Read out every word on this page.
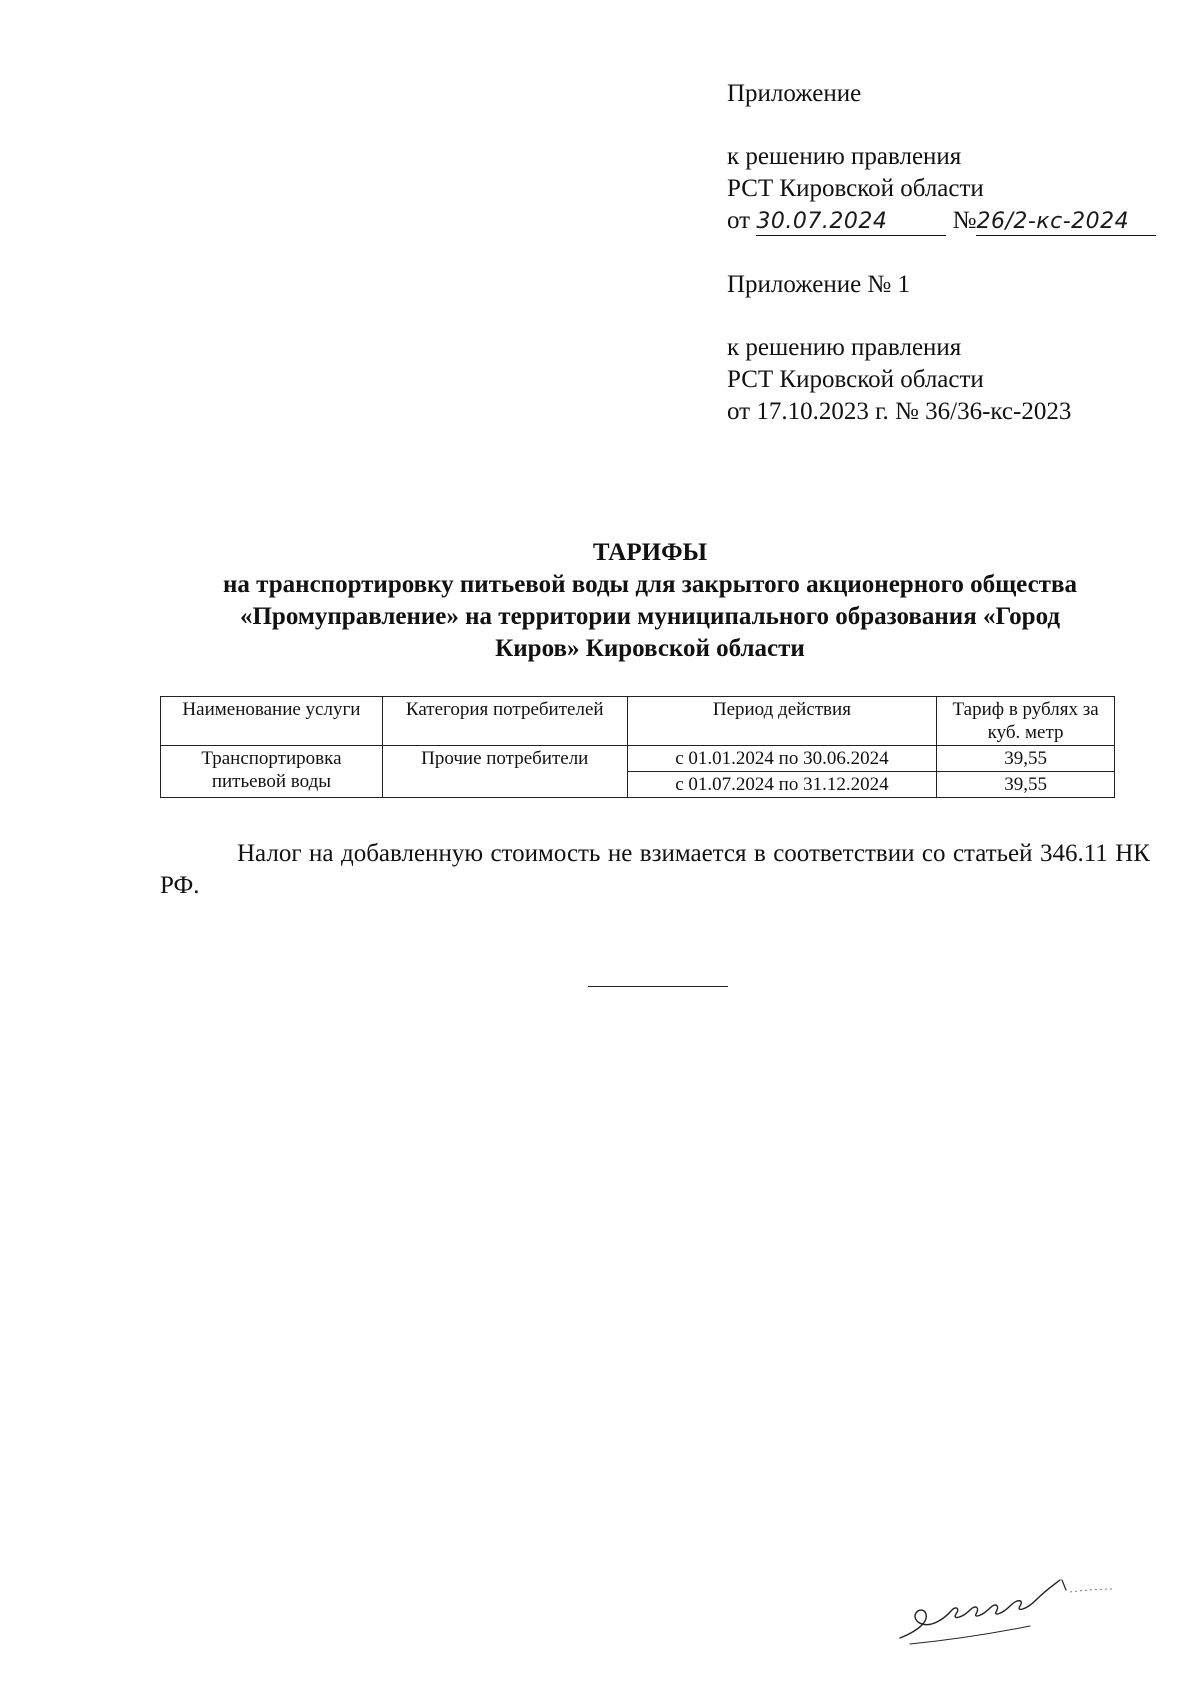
Приложение

к решению правления

РСТ Кировской области

от 30.07.2024	№26/2-кс-2024

Приложение № 1

к решению правления

РСТ Кировской области

от 17.10.2023 г. № 36/36-кс-2023

ТАРИФЫ

на транспортировку питьевой воды для закрытого акционерного общества

«Промуправление» на территории муниципального образования «Город

Киров» Кировской области

Наименование услуги	Категория потребителей	Период действия	Тариф в рублях за куб. метр
Транспортировка питьевой воды	Прочие потребители	с 01.01.2024 по 30.06.2024	39,55
		с 01.07.2024 по 31.12.2024	39,55

Налог на добавленную стоимость не взимается в соответствии со статьей 346.11 НК РФ.
